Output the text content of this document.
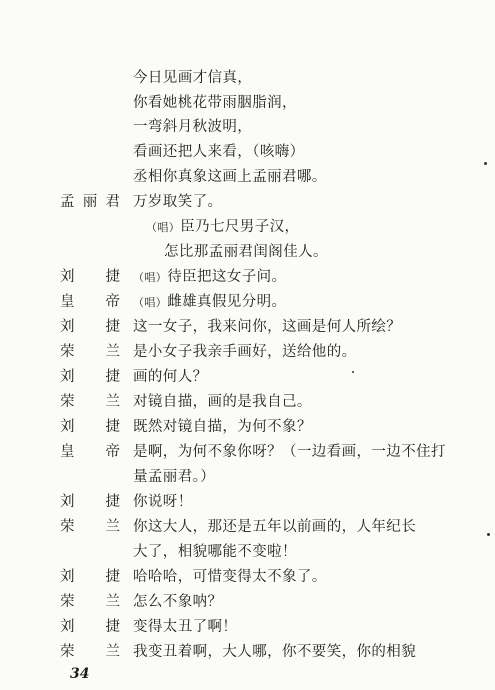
今日见画才信真，
你看她桃花带雨胭脂润，
一弯斜月秋波明，
看画还把人来看，（咳嗨）
丞相你真象这画上孟丽君哪。
孟 丽 君 万岁取笑了。
（唱）臣乃七尺男子汉，
怎比那孟丽君闺阁佳人。
刘 捷 （唱）待臣把这女子问。
皇 帝 （唱）雌雄真假见分明。
刘 捷 这一女子，我来问你，这画是何人所绘？
荣 兰 是小女子我亲手画好，送给他的。
刘 捷 画的何人？
荣 兰 对镜自描，画的是我自己。
刘 捷 既然对镜自描，为何不象？
皇 帝 是啊，为何不象你呀？（一边看画，一边不住打
量孟丽君。）
刘 捷 你说呀！
荣 兰 你这大人，那还是五年以前画的，人年纪长
大了，相貌哪能不变啦！
刘 捷 哈哈哈，可惜变得太不象了。
荣 兰 怎么不象呐？
刘 捷 变得太丑了啊！
荣 兰 我变丑着啊，大人哪，你不要笑，你的相貌
34
